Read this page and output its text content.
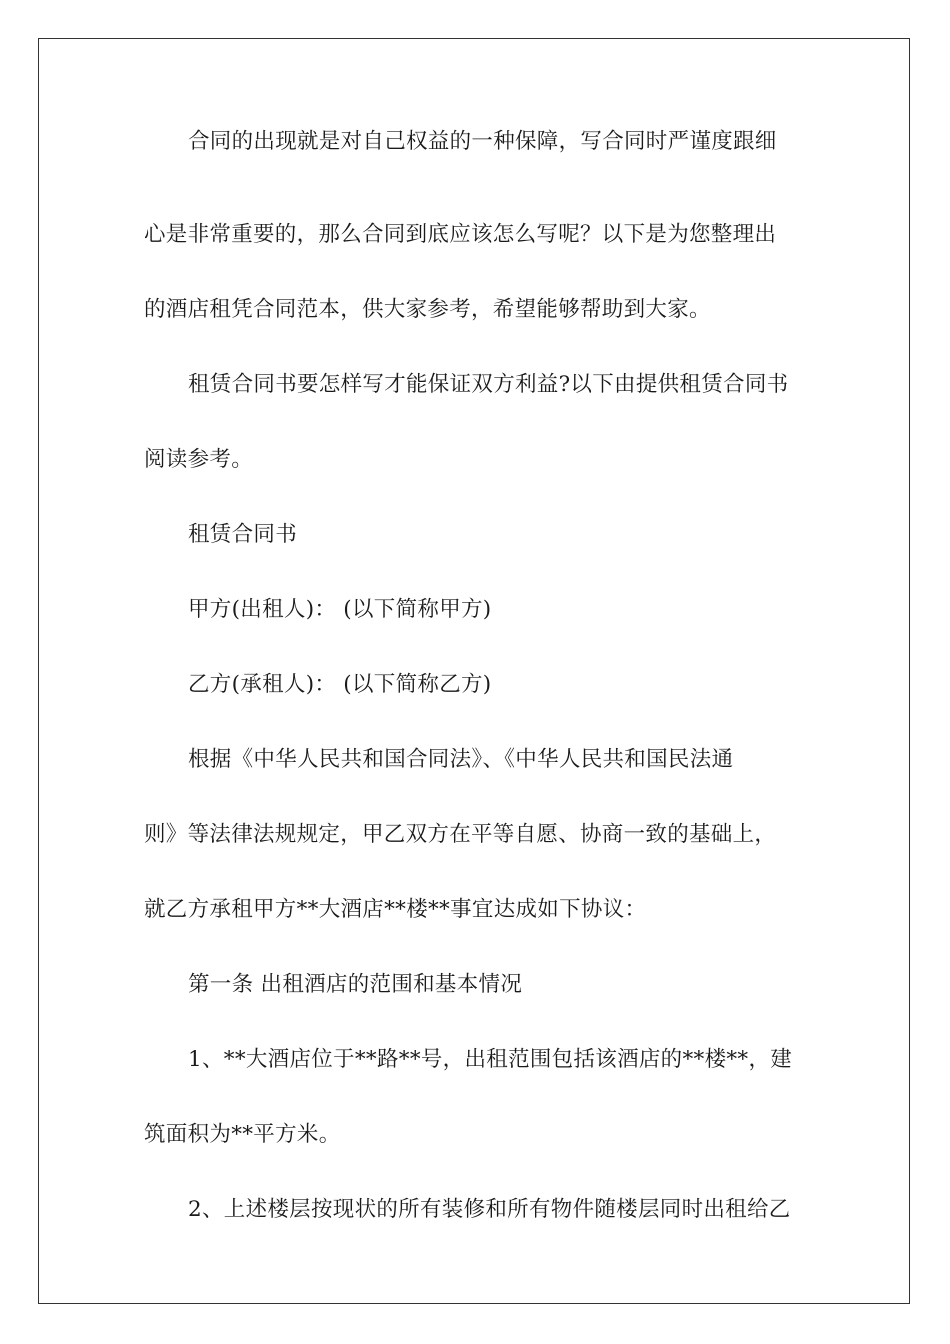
合同的出现就是对自己权益的一种保障，写合同时严谨度跟细
心是非常重要的，那么合同到底应该怎么写呢？以下是为您整理出
的酒店租凭合同范本，供大家参考，希望能够帮助到大家。
租赁合同书要怎样写才能保证双方利益?以下由提供租赁合同书
阅读参考。
租赁合同书
甲方(出租人)： (以下简称甲方)
乙方(承租人)： (以下简称乙方)
根据《中华人民共和国合同法》、《中华人民共和国民法通
则》等法律法规规定，甲乙双方在平等自愿、协商一致的基础上，
就乙方承租甲方**大酒店**楼**事宜达成如下协议：
第一条 出租酒店的范围和基本情况
1、**大酒店位于**路**号，出租范围包括该酒店的**楼**，建
筑面积为**平方米。
2、上述楼层按现状的所有装修和所有物件随楼层同时出租给乙
